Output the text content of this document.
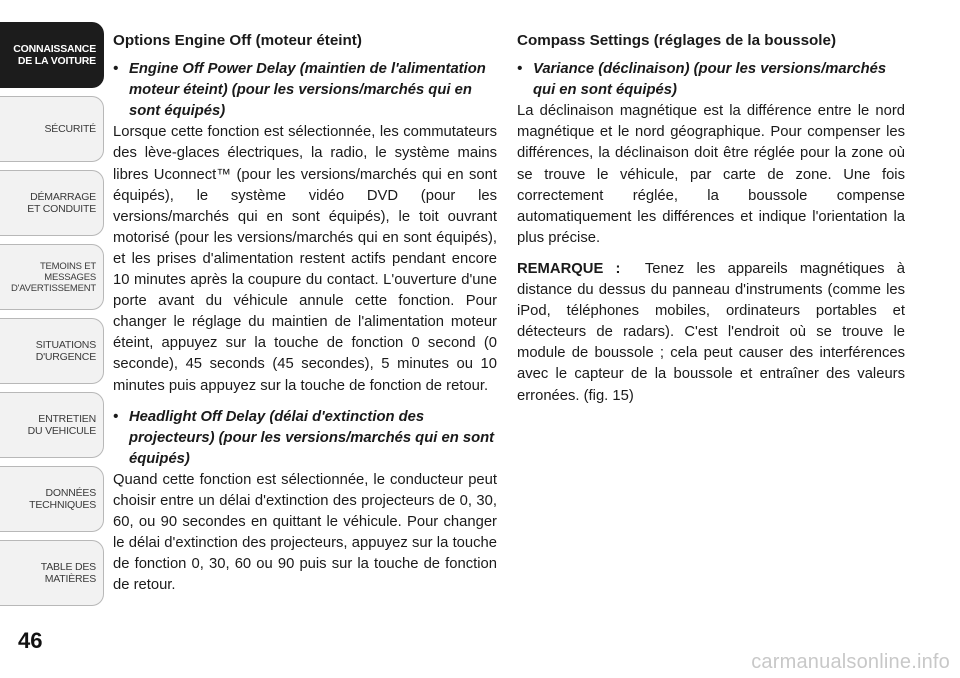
CONNAISSANCE
DE LA VOITURE
SÉCURITÉ
DÉMARRAGE
ET CONDUITE
TEMOINS ET
MESSAGES
D'AVERTISSEMENT
SITUATIONS
D'URGENCE
ENTRETIEN
DU VEHICULE
DONNÉES
TECHNIQUES
TABLE DES
MATIÈRES
46
Options Engine Off (moteur éteint)

• Engine Off Power Delay (maintien de l'alimentation moteur éteint) (pour les versions/marchés qui en sont équipés)

Lorsque cette fonction est sélectionnée, les commutateurs des lève-glaces électriques, la radio, le système mains libres Uconnect™ (pour les versions/marchés qui en sont équipés), le système vidéo DVD (pour les versions/marchés qui en sont équipés), le toit ouvrant motorisé (pour les versions/marchés qui en sont équipés), et les prises d'alimentation restent actifs pendant encore 10 minutes après la coupure du contact. L'ouverture d'une porte avant du véhicule annule cette fonction. Pour changer le réglage du maintien de l'alimentation moteur éteint, appuyez sur la touche de fonction 0 second (0 seconde), 45 seconds (45 secondes), 5 minutes ou 10 minutes puis appuyez sur la touche de fonction de retour.

• Headlight Off Delay (délai d'extinction des projecteurs) (pour les versions/marchés qui en sont équipés)

Quand cette fonction est sélectionnée, le conducteur peut choisir entre un délai d'extinction des projecteurs de 0, 30, 60, ou 90 secondes en quittant le véhicule. Pour changer le délai d'extinction des projecteurs, appuyez sur la touche de fonction 0, 30, 60 ou 90 puis sur la touche de fonction de retour.

Compass Settings (réglages de la boussole)

• Variance (déclinaison) (pour les versions/marchés qui en sont équipés)

La déclinaison magnétique est la différence entre le nord magnétique et le nord géographique. Pour compenser les différences, la déclinaison doit être réglée pour la zone où se trouve le véhicule, par carte de zone. Une fois correctement réglée, la boussole compense automatiquement les différences et indique l'orientation la plus précise.

REMARQUE : Tenez les appareils magnétiques à distance du dessus du panneau d'instruments (comme les iPod, téléphones mobiles, ordinateurs portables et détecteurs de radars). C'est l'endroit où se trouve le module de boussole ; cela peut causer des interférences avec le capteur de la boussole et entraîner des valeurs erronées. (fig. 15)

carmanualsonline.info
